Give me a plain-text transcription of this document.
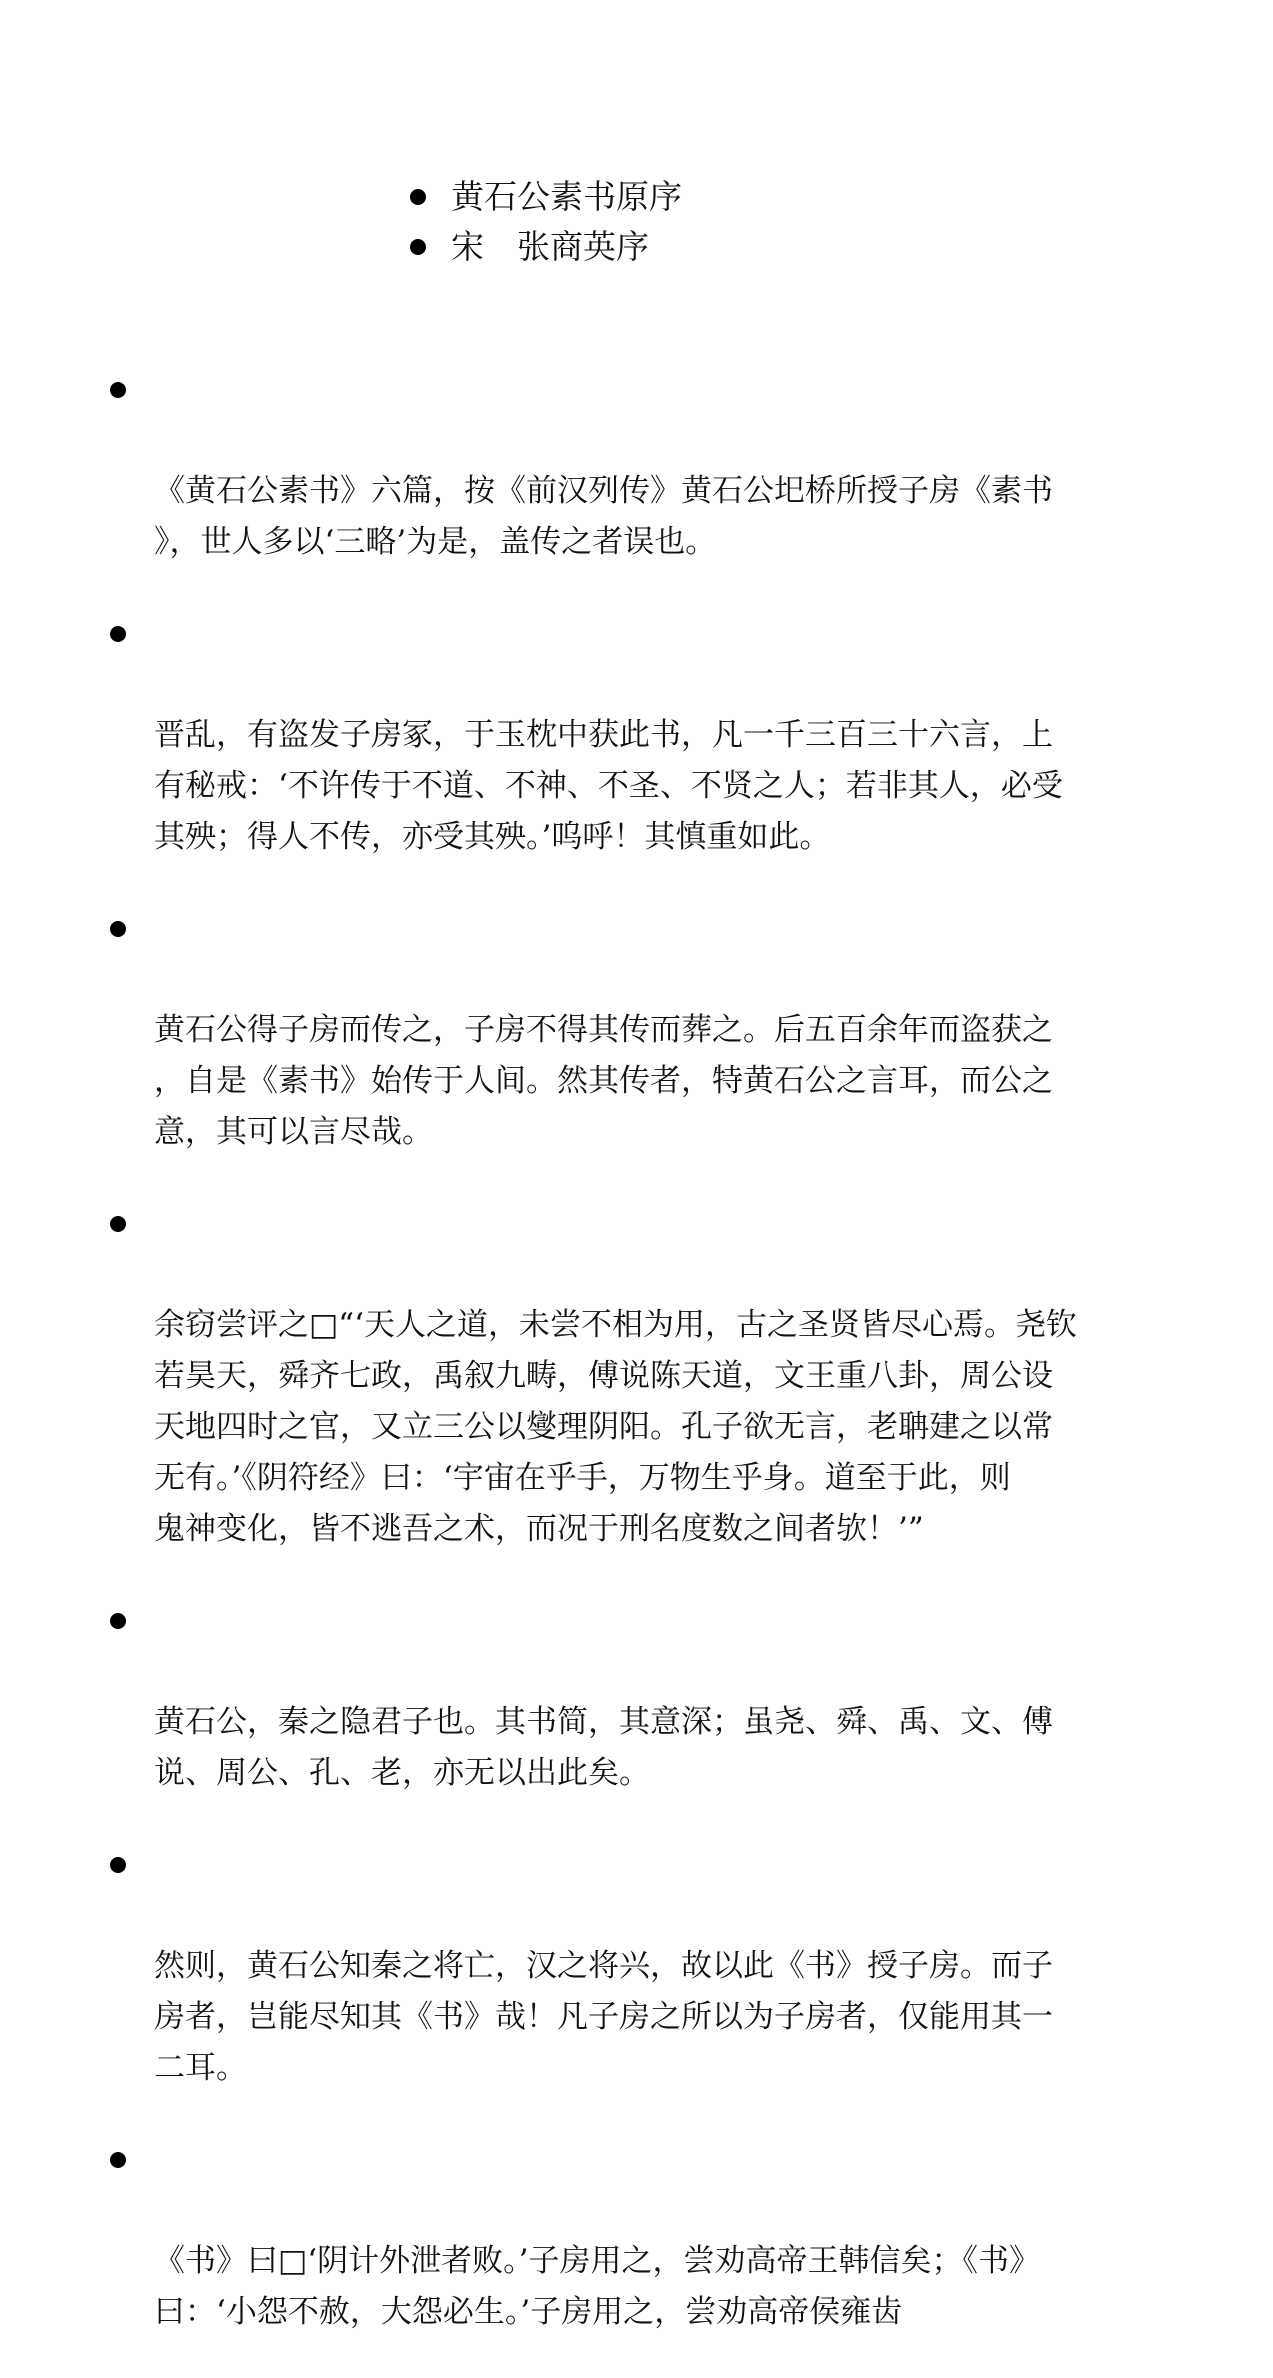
黄石公素书原序
宋　张商英序

《黄石公素书》六篇，按《前汉列传》黄石公圯桥所授子房《素书
》，世人多以‘三略’为是，盖传之者误也。

晋乱，有盗发子房冢，于玉枕中获此书，凡一千三百三十六言，上
有秘戒：‘不许传于不道、不神、不圣、不贤之人；若非其人，必受
其殃；得人不传，亦受其殃。’呜呼！其慎重如此。

黄石公得子房而传之，子房不得其传而葬之。后五百余年而盗获之
，自是《素书》始传于人间。然其传者，特黄石公之言耳，而公之
意，其可以言尽哉。

余窃尝评之□“‘天人之道，未尝不相为用，古之圣贤皆尽心焉。尧钦
若昊天，舜齐七政，禹叙九畴，傅说陈天道，文王重八卦，周公设
天地四时之官，又立三公以燮理阴阳。孔子欲无言，老聃建之以常
无有。’《阴符经》曰：‘宇宙在乎手，万物生乎身。道至于此，则
鬼神变化，皆不逃吾之术，而况于刑名度数之间者欤！’”

黄石公，秦之隐君子也。其书简，其意深；虽尧、舜、禹、文、傅
说、周公、孔、老，亦无以出此矣。

然则，黄石公知秦之将亡，汉之将兴，故以此《书》授子房。而子
房者，岂能尽知其《书》哉！凡子房之所以为子房者，仅能用其一
二耳。

《书》曰□‘阴计外泄者败。’子房用之，尝劝高帝王韩信矣；《书》
曰：‘小怨不赦，大怨必生。’子房用之，尝劝高帝侯雍齿
